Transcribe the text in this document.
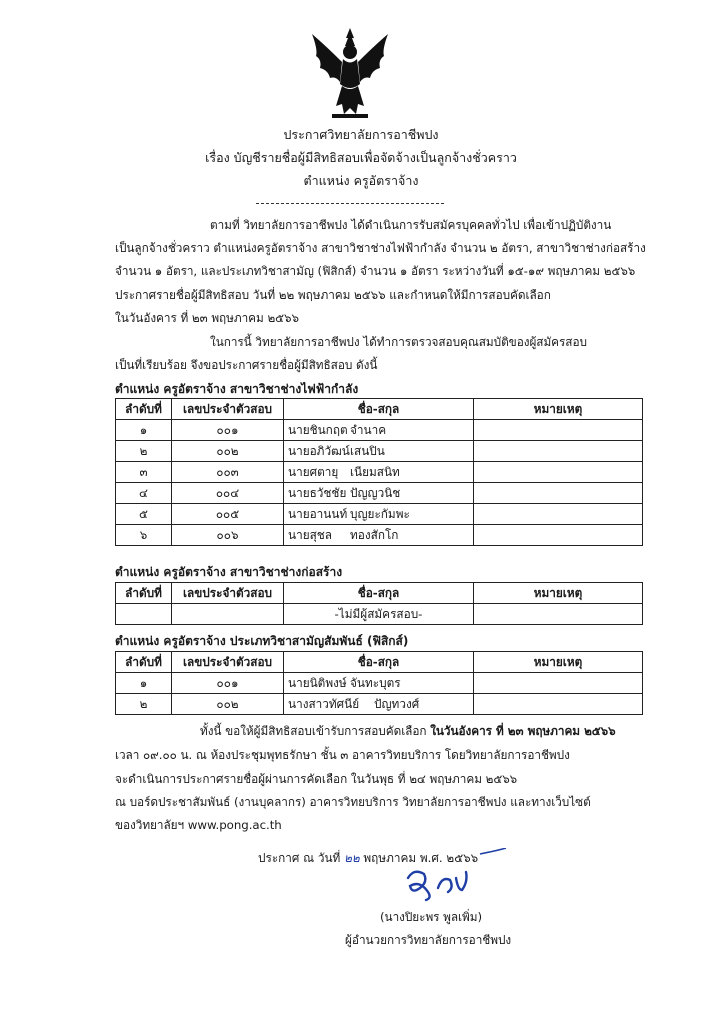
ประกาศวิทยาลัยการอาชีพปง
เรื่อง บัญชีรายชื่อผู้มีสิทธิสอบเพื่อจัดจ้างเป็นลูกจ้างชั่วคราว
ตำแหน่ง ครูอัตราจ้าง
ตามที่ วิทยาลัยการอาชีพปง ได้ดำเนินการรับสมัครบุคคลทั่วไป เพื่อเข้าปฏิบัติงาน
เป็นลูกจ้างชั่วคราว ตำแหน่งครูอัตราจ้าง สาขาวิชาช่างไฟฟ้ากำลัง จำนวน ๒ อัตรา, สาขาวิชาช่างก่อสร้าง
จำนวน ๑ อัตรา, และประเภทวิชาสามัญ (ฟิสิกส์) จำนวน ๑ อัตรา ระหว่างวันที่ ๑๕-๑๙ พฤษภาคม ๒๕๖๖
ประกาศรายชื่อผู้มีสิทธิสอบ วันที่ ๒๒ พฤษภาคม ๒๕๖๖ และกำหนดให้มีการสอบคัดเลือก
ในวันอังคาร ที่ ๒๓ พฤษภาคม ๒๕๖๖
ในการนี้ วิทยาลัยการอาชีพปง ได้ทำการตรวจสอบคุณสมบัติของผู้สมัครสอบ
เป็นที่เรียบร้อย จึงขอประกาศรายชื่อผู้มีสิทธิสอบ ดังนี้
ตำแหน่ง ครูอัตราจ้าง สาขาวิชาช่างไฟฟ้ากำลัง
ลำดับที่	เลขประจำตัวสอบ	ชื่อ-สกุล	หมายเหตุ
๑	๐๐๑	นายชินกฤต จำนาค	
๒	๐๐๒	นายอภิวัฒน์เสนปิน	
๓	๐๐๓	นายศตายุ เนียมสนิท	
๔	๐๐๔	นายธวัชชัย ปัญญวนิช	
๕	๐๐๕	นายอานนท์ บุญยะกัมพะ	
๖	๐๐๖	นายสุชล ทองสักโก	
ตำแหน่ง ครูอัตราจ้าง สาขาวิชาช่างก่อสร้าง
ลำดับที่	เลขประจำตัวสอบ	ชื่อ-สกุล	หมายเหตุ
		-ไม่มีผู้สมัครสอบ-	
ตำแหน่ง ครูอัตราจ้าง ประเภทวิชาสามัญสัมพันธ์ (ฟิสิกส์)
ลำดับที่	เลขประจำตัวสอบ	ชื่อ-สกุล	หมายเหตุ
๑	๐๐๑	นายนิติพงษ์ จันทะบุตร	
๒	๐๐๒	นางสาวทัศนีย์ ปัญทวงศ์	
ทั้งนี้ ขอให้ผู้มีสิทธิสอบเข้ารับการสอบคัดเลือก ในวันอังคาร ที่ ๒๓ พฤษภาคม ๒๕๖๖
เวลา ๐๙.๐๐ น. ณ ห้องประชุมพุทธรักษา ชั้น ๓ อาคารวิทยบริการ โดยวิทยาลัยการอาชีพปง
จะดำเนินการประกาศรายชื่อผู้ผ่านการคัดเลือก ในวันพุธ ที่ ๒๔ พฤษภาคม ๒๕๖๖
ณ บอร์ดประชาสัมพันธ์ (งานบุคลากร) อาคารวิทยบริการ วิทยาลัยการอาชีพปง และทางเว็บไซต์
ของวิทยาลัยฯ www.pong.ac.th
ประกาศ ณ วันที่ ๒๒ พฤษภาคม พ.ศ. ๒๕๖๖
(นางปิยะพร พูลเพิ่ม)
ผู้อำนวยการวิทยาลัยการอาชีพปง
